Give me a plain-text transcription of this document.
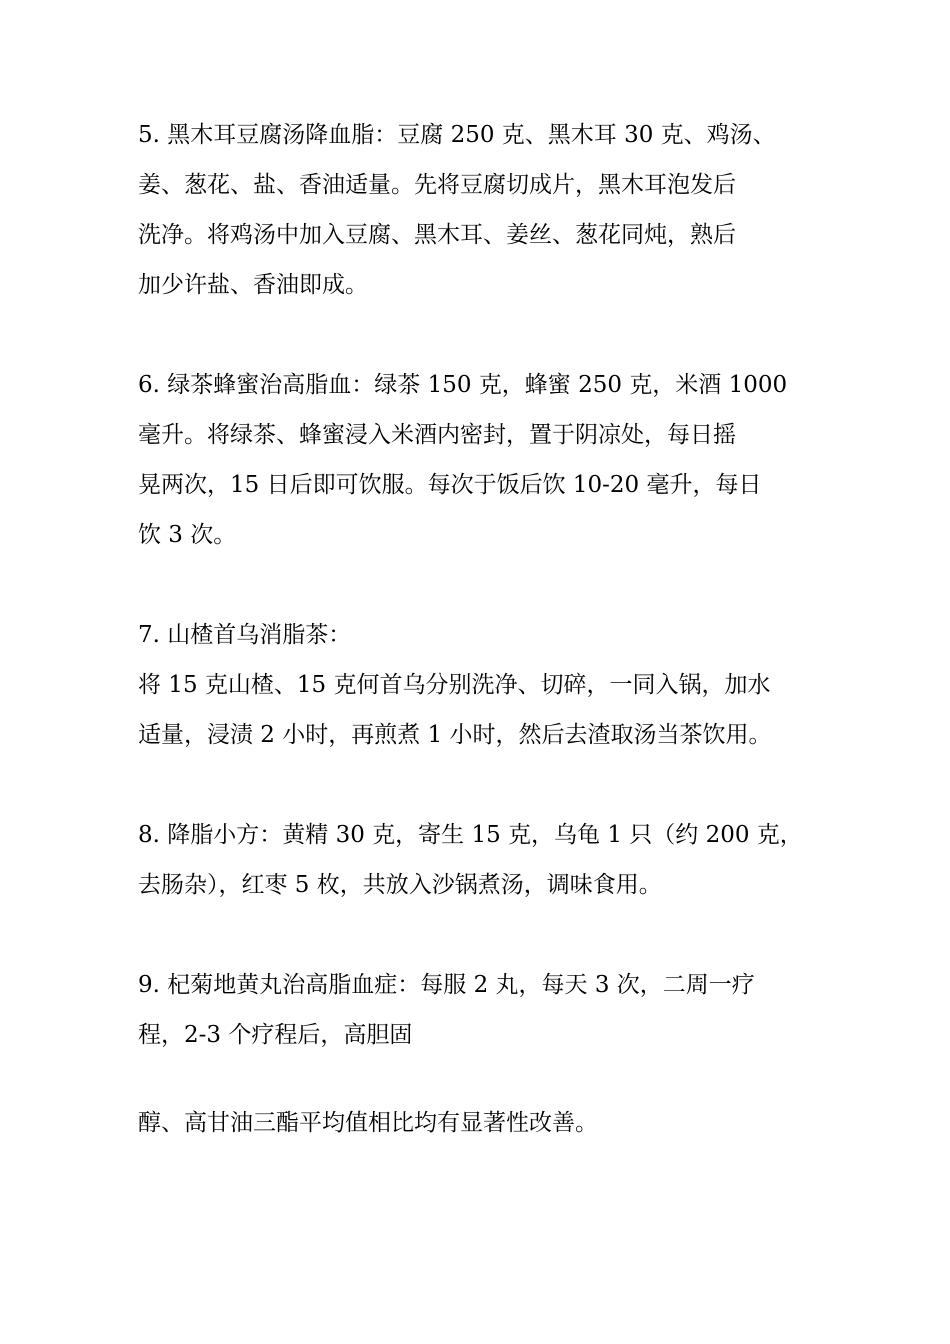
5. 黑木耳豆腐汤降血脂：豆腐 250 克、黑木耳 30 克、鸡汤、
姜、葱花、盐、香油适量。先将豆腐切成片，黑木耳泡发后
洗净。将鸡汤中加入豆腐、黑木耳、姜丝、葱花同炖，熟后
加少许盐、香油即成。
6. 绿茶蜂蜜治高脂血：绿茶 150 克，蜂蜜 250 克，米酒 1000
毫升。将绿茶、蜂蜜浸入米酒内密封，置于阴凉处，每日摇
晃两次，15 日后即可饮服。每次于饭后饮 10-20 毫升，每日
饮 3 次。
7. 山楂首乌消脂茶：
将 15 克山楂、15 克何首乌分别洗净、切碎，一同入锅，加水
适量，浸渍 2 小时，再煎煮 1 小时，然后去渣取汤当茶饮用。
8. 降脂小方：黄精 30 克，寄生 15 克，乌龟 1 只（约 200 克，
去肠杂），红枣 5 枚，共放入沙锅煮汤，调味食用。
9. 杞菊地黄丸治高脂血症：每服 2 丸，每天 3 次，二周一疗
程，2-3 个疗程后，高胆固
醇、高甘油三酯平均值相比均有显著性改善。
